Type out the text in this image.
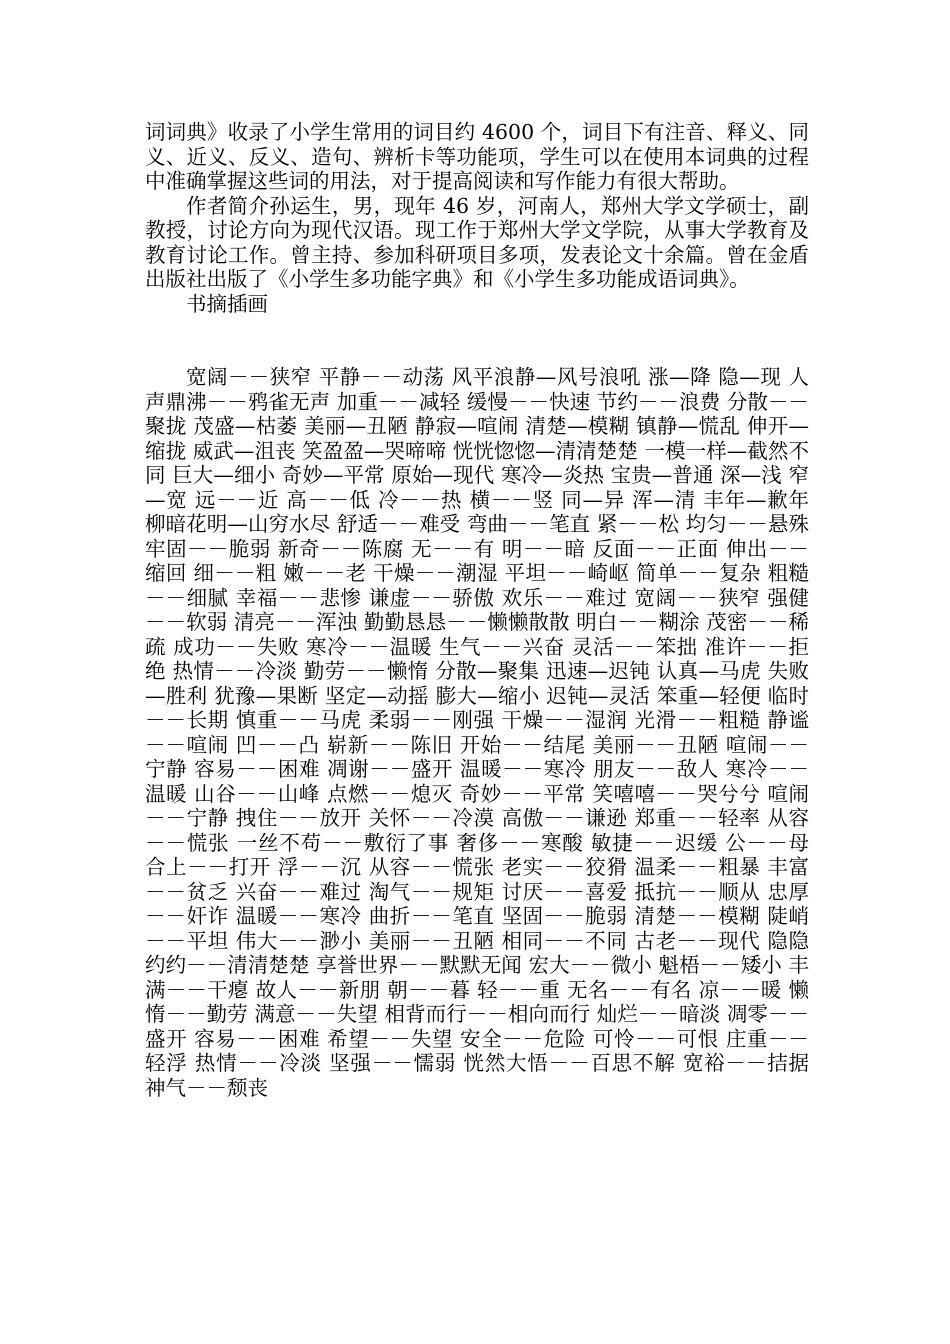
词词典》收录了小学生常用的词目约 4600 个，词目下有注音、释义、同义、近义、反义、造句、辨析卡等功能项，学生可以在使用本词典的过程中准确掌握这些词的用法，对于提高阅读和写作能力有很大帮助。

作者简介孙运生，男，现年 46 岁，河南人，郑州大学文学硕士，副教授，讨论方向为现代汉语。现工作于郑州大学文学院，从事大学教育及教育讨论工作。曾主持、参加科研项目多项，发表论文十余篇。曾在金盾出版社出版了《小学生多功能字典》和《小学生多功能成语词典》。

书摘插画

宽阔－－狭窄 平静－－动荡 风平浪静—风号浪吼 涨—降 隐—现 人声鼎沸－－鸦雀无声 加重－－减轻 缓慢－－快速 节约－－浪费 分散－－聚拢 茂盛—枯萎 美丽—丑陋 静寂—喧闹 清楚—模糊 镇静—慌乱 伸开—缩拢 威武—沮丧 笑盈盈—哭啼啼 恍恍惚惚—清清楚楚 一模一样—截然不同 巨大—细小 奇妙—平常 原始—现代 寒冷—炎热 宝贵—普通 深—浅 窄—宽 远－－近 高－－低 冷－－热 横－－竖 同—异 浑—清 丰年—歉年 柳暗花明—山穷水尽 舒适－－难受 弯曲－－笔直 紧－－松 均匀－－悬殊 牢固－－脆弱 新奇－－陈腐 无－－有 明－－暗 反面－－正面 伸出－－缩回 细－－粗 嫩－－老 干燥－－潮湿 平坦－－崎岖 简单－－复杂 粗糙－－细腻 幸福－－悲惨 谦虚－－骄傲 欢乐－－难过 宽阔－－狭窄 强健－－软弱 清亮－－浑浊 勤勤恳恳－－懒懒散散 明白－－糊涂 茂密－－稀疏 成功－－失败 寒冷－－温暖 生气－－兴奋 灵活－－笨拙 准许－－拒绝 热情－－冷淡 勤劳－－懒惰 分散—聚集 迅速—迟钝 认真—马虎 失败—胜利 犹豫—果断 坚定—动摇 膨大—缩小 迟钝—灵活 笨重—轻便 临时－－长期 慎重－－马虎 柔弱－－刚强 干燥－－湿润 光滑－－粗糙 静谧－－喧闹 凹－－凸 崭新－－陈旧 开始－－结尾 美丽－－丑陋 喧闹－－宁静 容易－－困难 凋谢－－盛开 温暖－－寒冷 朋友－－敌人 寒冷－－温暖 山谷－－山峰 点燃－－熄灭 奇妙－－平常 笑嘻嘻－－哭兮兮 喧闹－－宁静 拽住－－放开 关怀－－冷漠 高傲－－谦逊 郑重－－轻率 从容－－慌张 一丝不苟－－敷衍了事 奢侈－－寒酸 敏捷－－迟缓 公－－母 合上－－打开 浮－－沉 从容－－慌张 老实－－狡猾 温柔－－粗暴 丰富－－贫乏 兴奋－－难过 淘气－－规矩 讨厌－－喜爱 抵抗－－顺从 忠厚－－奸诈 温暖－－寒冷 曲折－－笔直 坚固－－脆弱 清楚－－模糊 陡峭－－平坦 伟大－－渺小 美丽－－丑陋 相同－－不同 古老－－现代 隐隐约约－－清清楚楚 享誉世界－－默默无闻 宏大－－微小 魁梧－－矮小 丰满－－干瘪 故人－－新朋 朝－－暮 轻－－重 无名－－有名 凉－－暖 懒惰－－勤劳 满意－－失望 相背而行－－相向而行 灿烂－－暗淡 凋零－－盛开 容易－－困难 希望－－失望 安全－－危险 可怜－－可恨 庄重－－轻浮 热情－－冷淡 坚强－－懦弱 恍然大悟－－百思不解 宽裕－－拮据 神气－－颓丧
